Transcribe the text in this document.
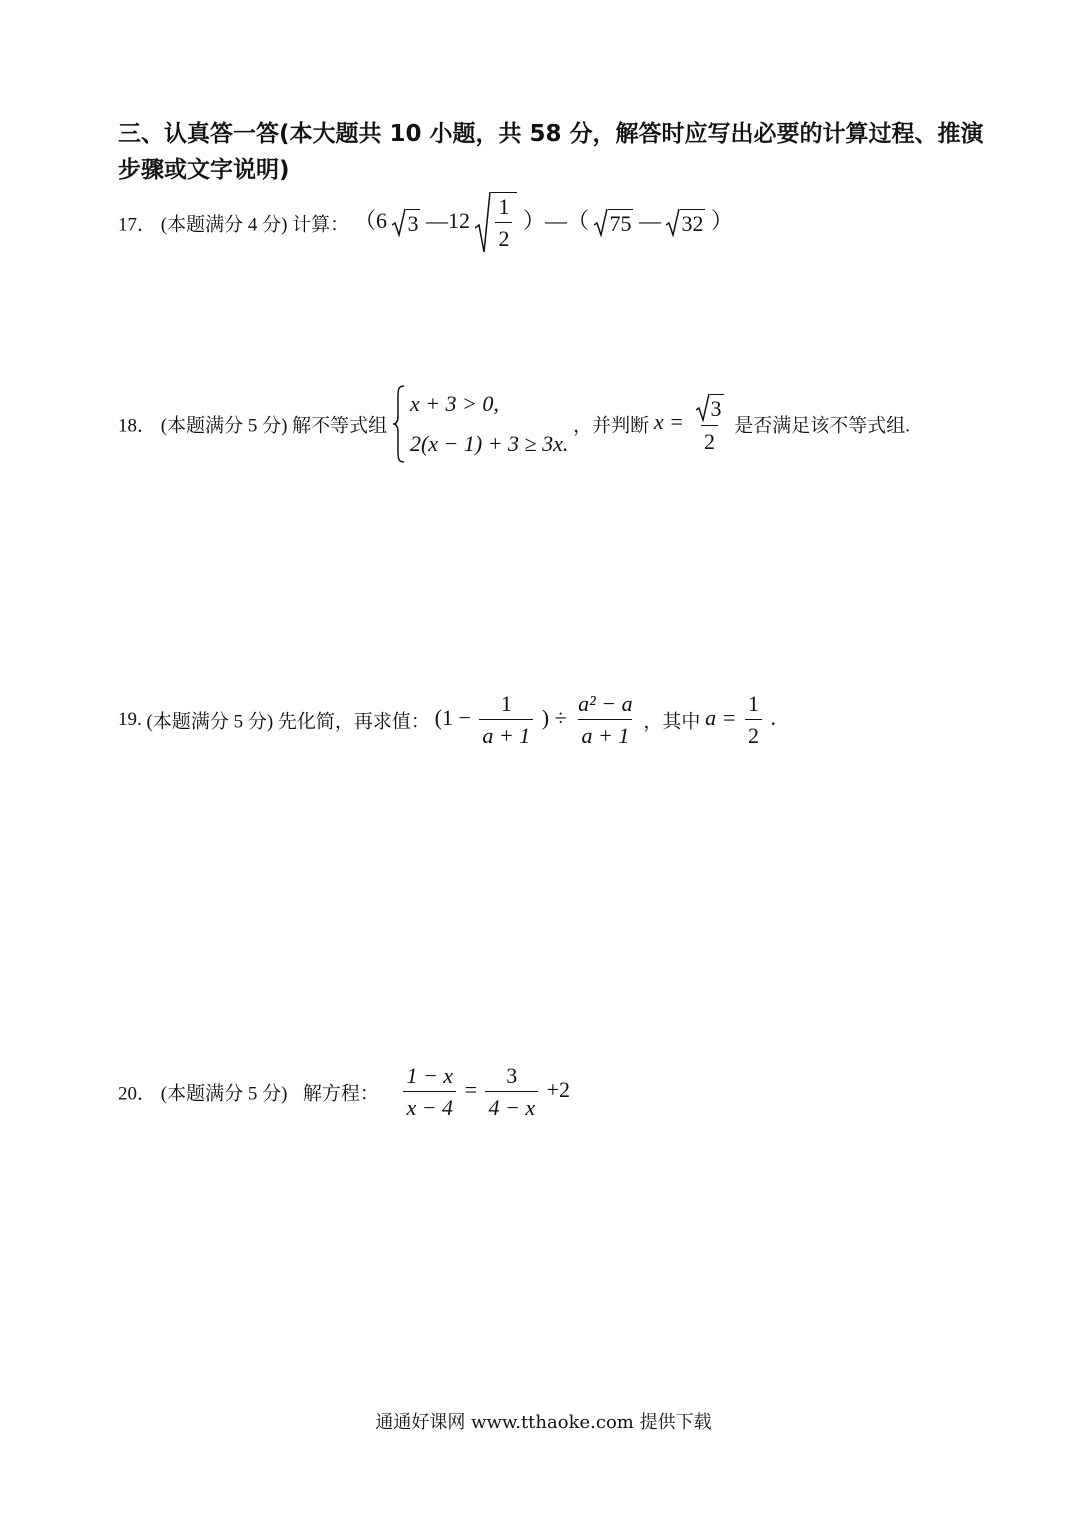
三、认真答一答(本大题共 10 小题，共 58 分，解答时应写出必要的计算过程、推演步骤或文字说明)
17． (本题满分 4 分) 计算： （6 3 —12 $\frac{1}{2}$ ）—（ 75 — 32 ）
18． (本题满分 5 分) 解不等式组
x + 3 > 0,
2(x − 1) + 3 ≥ 3x.
，并判断 $x = \frac{3}{2}$ 是否满足该不等式组.
19. (本题满分 5 分) 先化简，再求值： ($1 - \frac{1}{a + 1}$ ) ÷ $\frac{\text{a² − a}}{a + 1}$ ，其中 $a = \frac{1}{2}$ .
20． (本题满分 5 分) 解方程： $\frac{1 - x}{x - 4} = \frac{3}{4 - x} +2$
通通好课网 www.tthaoke.com 提供下载
